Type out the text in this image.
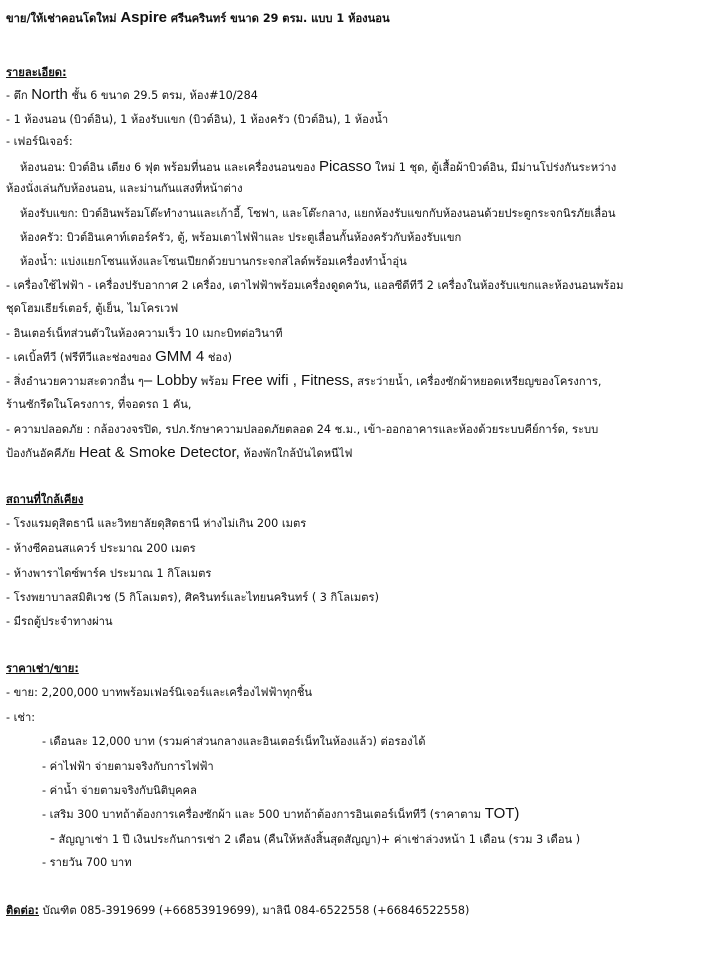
ขาย/ให้เช่าคอนโดใหม่ Aspire ศรีนครินทร์ ขนาด 29 ตรม. แบบ 1 ห้องนอน
รายละเอียด:
- ตึก North ชั้น 6 ขนาด 29.5 ตรม, ห้อง#10/284
- 1 ห้องนอน (บิวต์อิน), 1 ห้องรับแขก (บิวต์อิน), 1 ห้องครัว (บิวต์อิน), 1 ห้องน้ำ
- เฟอร์นิเจอร์:
ห้องนอน: บิวต์อิน เตียง 6 ฟุต พร้อมที่นอน และเครื่องนอนของ Picasso ใหม่ 1 ชุด, ตู้เสื้อผ้าบิวต์อิน, มีม่านโปร่งกันระหว่าง
ห้องนั่งเล่นกับห้องนอน, และม่านกันแสงที่หน้าต่าง
ห้องรับแขก: บิวต์อินพร้อมโต๊ะทำงานและเก้าอี้, โซฟา, และโต๊ะกลาง, แยกห้องรับแขกกับห้องนอนด้วยประตูกระจกนิรภัยเลื่อน
ห้องครัว: บิวต์อินเคาท์เตอร์ครัว, ตู้, พร้อมเตาไฟฟ้าและ ประตูเลื่อนกั้นห้องครัวกับห้องรับแขก
ห้องน้ำ: แบ่งแยกโซนแห้งและโซนเปียกด้วยบานกระจกสไลด์พร้อมเครื่องทำน้ำอุ่น
- เครื่องใช้ไฟฟ้า - เครื่องปรับอากาศ 2 เครื่อง, เตาไฟฟ้าพร้อมเครื่องดูดควัน, แอลซีดีทีวี 2 เครื่องในห้องรับแขกและห้องนอนพร้อม
ชุดโฮมเธียร์เตอร์, ตู้เย็น, ไมโครเวฟ
- อินเตอร์เน็ทส่วนตัวในห้องความเร็ว 10 เมกะบิทต่อวินาที
- เคเบิ้ลทีวี (ฟรีทีวีและช่องของ GMM 4 ช่อง)
- สิ่งอำนวยความสะดวกอื่น ๆ– Lobby พร้อม Free wifi , Fitness, สระว่ายน้ำ, เครื่องซักผ้าหยอดเหรียญของโครงการ,
ร้านซักรีดในโครงการ, ที่จอดรถ 1 คัน,
- ความปลอดภัย : กล้องวงจรปิด, รปภ.รักษาความปลอดภัยตลอด 24 ช.ม., เข้า-ออกอาคารและห้องด้วยระบบคีย์การ์ด, ระบบ
ป้องกันอัคคีภัย Heat & Smoke Detector, ห้องพักใกล้บันไดหนีไฟ
สถานที่ใกล้เคียง
- โรงแรมดุสิตธานี และวิทยาลัยดุสิตธานี ห่างไม่เกิน 200 เมตร
- ห้างซีคอนสแควร์ ประมาณ 200 เมตร
- ห้างพาราไดซ์พาร์ค ประมาณ 1 กิโลเมตร
- โรงพยาบาลสมิติเวช (5 กิโลเมตร), ศิครินทร์และไทยนครินทร์ ( 3 กิโลเมตร)
- มีรถตู้ประจำทางผ่าน
ราคาเช่า/ขาย:
- ขาย: 2,200,000 บาทพร้อมเฟอร์นิเจอร์และเครื่องไฟฟ้าทุกชิ้น
- เช่า:
- เดือนละ 12,000 บาท (รวมค่าส่วนกลางและอินเตอร์เน็ทในห้องแล้ว) ต่อรองได้
- ค่าไฟฟ้า จ่ายตามจริงกับการไฟฟ้า
- ค่าน้ำ จ่ายตามจริงกับนิติบุคคล
- เสริม 300 บาทถ้าต้องการเครื่องซักผ้า และ 500 บาทถ้าต้องการอินเตอร์เน็ททีวี (ราคาตาม TOT)
- สัญญาเช่า 1 ปี เงินประกันการเช่า 2 เดือน (คืนให้หลังสิ้นสุดสัญญา)+ ค่าเช่าล่วงหน้า 1 เดือน (รวม 3 เดือน )
- รายวัน 700 บาท
ติดต่อ: บัณฑิต 085-3919699 (+66853919699), มาลินี 084-6522558 (+66846522558)
